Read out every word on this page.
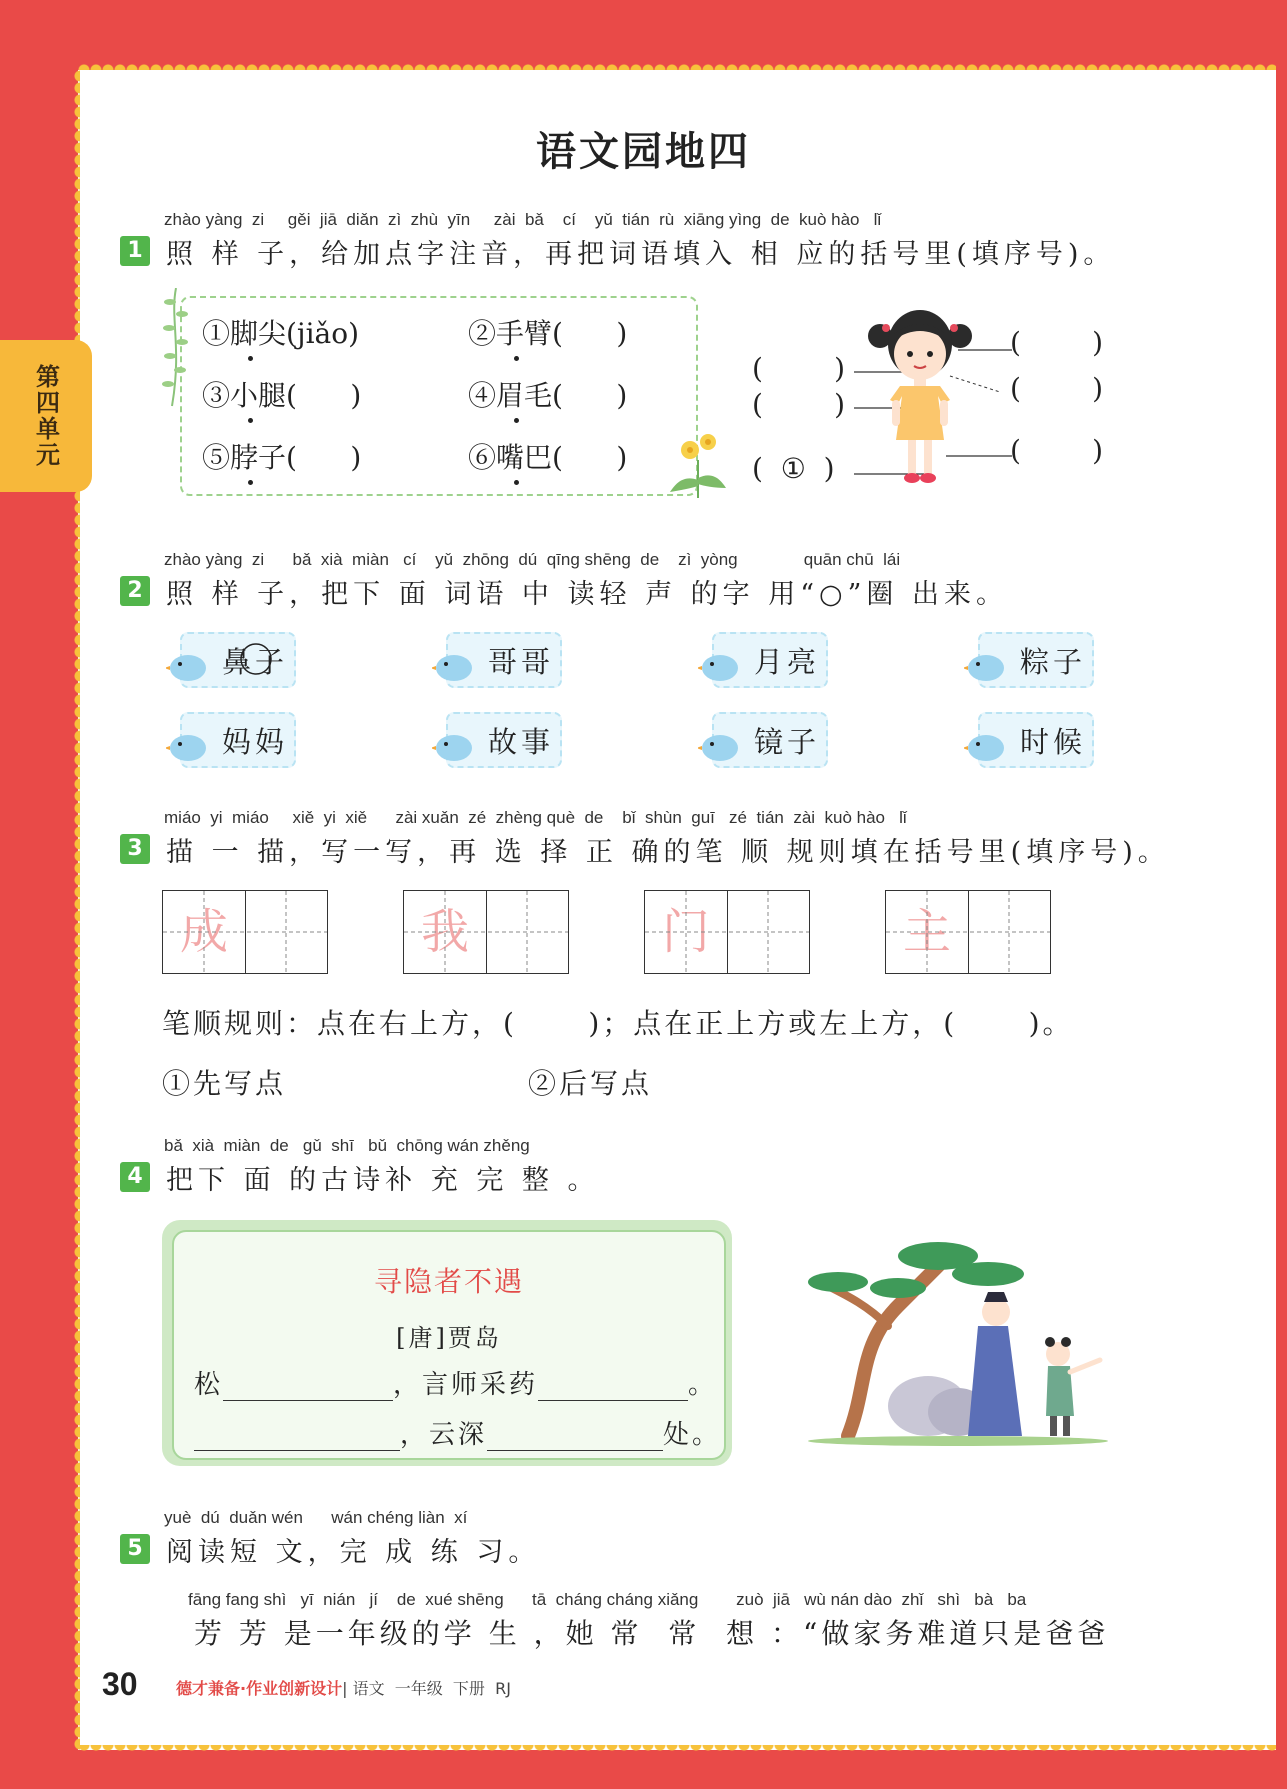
第四单元
语文园地四
zhào yàng  zi     gěi  jiā  diǎn  zì  zhù  yīn     zài  bǎ    cí    yǔ  tián  rù  xiāng yìng  de  kuò hào   lǐ
1 照 样 子，给加点字注音，再把词语填入 相 应的括号里(填序号)。
①脚尖(jiǎo)	②手臂(      )
③小腿(      )	④眉毛(      )
⑤脖子(      )	⑥嘴巴(      )
(        )
(        )
(  ①  )
(        )
(        )
(        )
zhào yàng  zi      bǎ  xià  miàn   cí    yǔ  zhōng  dú  qīng shēng  de    zì  yòng              quān chū  lái
2 照 样 子，把下 面 词语 中 读轻 声 的字 用“○”圈 出来。
鼻子	哥哥	月亮	粽子
妈妈	故事	镜子	时候
miáo  yi  miáo     xiě  yi  xiě      zài xuǎn  zé  zhèng què  de    bǐ  shùn  guī   zé  tián  zài  kuò hào   lǐ
3 描 一 描，写一写，再 选 择 正 确的笔 顺 规则填在括号里(填序号)。
成	我	门	主
笔顺规则：点在右上方，(      )；点在正上方或左上方，(      )。
①先写点	②后写点
bǎ  xià  miàn  de   gǔ  shī   bǔ  chōng wán zhěng
4 把下 面 的古诗补 充 完 整 。
寻隐者不遇
[唐]贾岛
松	，言师采药	。
，云深	处。
yuè  dú  duǎn wén      wán chéng liàn  xí
5 阅读短 文，完 成 练 习。
fāng fang shì   yī  nián   jí    de  xué shēng      tā  cháng cháng xiǎng        zuò  jiā   wù nán dào  zhǐ   shì   bà   ba
芳 芳 是一年级的学 生 ，她 常  常  想 ：“做家务难道只是爸爸
30 德才兼备·作业创新设计| 语文  一年级  下册  RJ
